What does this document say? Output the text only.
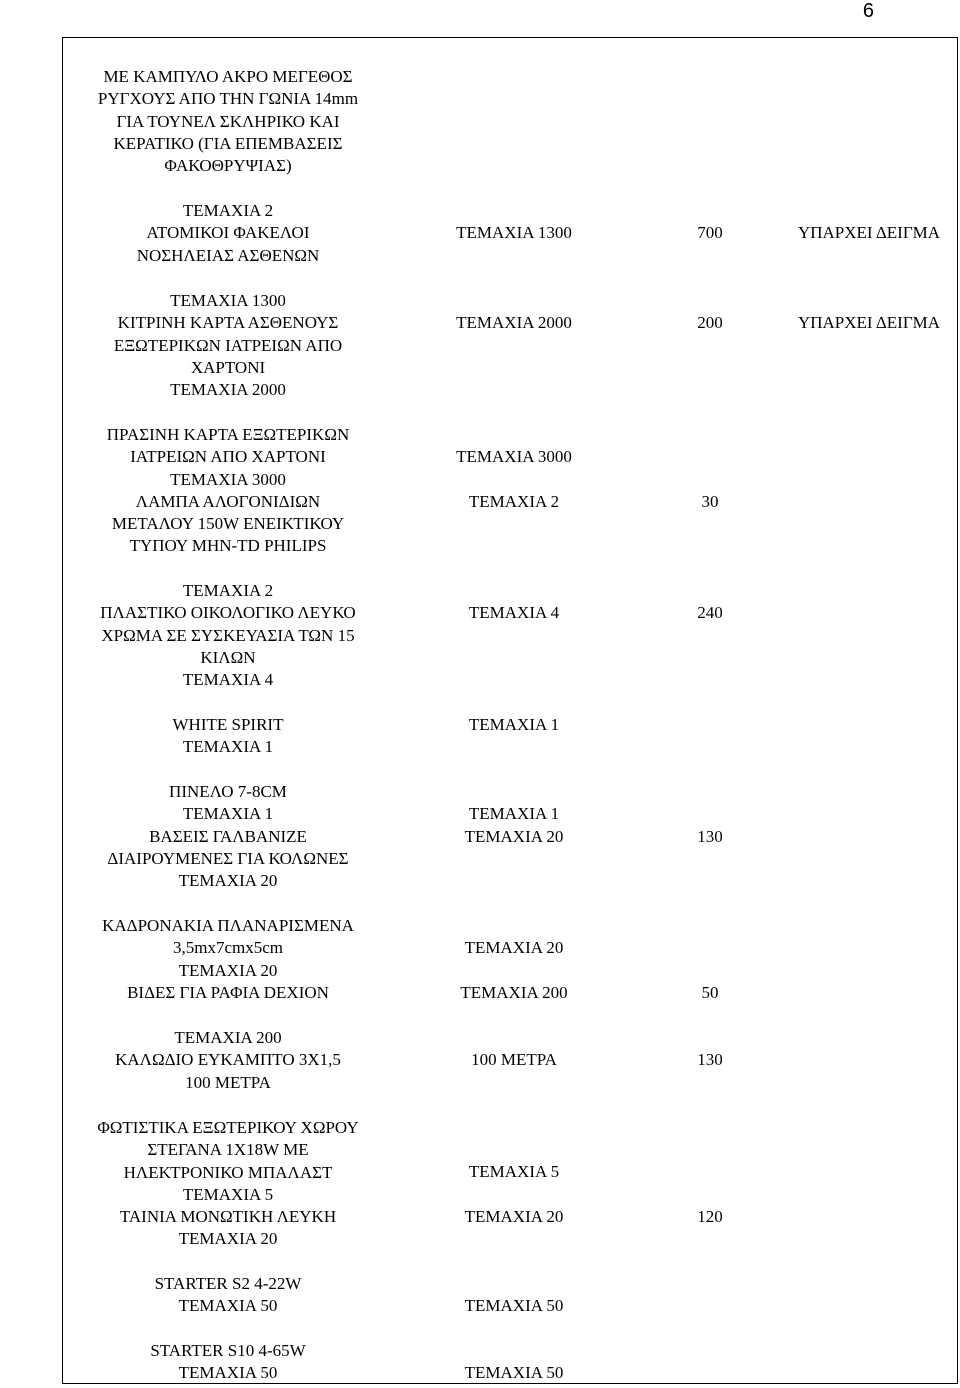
6
ΜΕ ΚΑΜΠΥΛΟ ΑΚΡΟ ΜΕΓΕΘΟΣ
ΡΥΓΧΟΥΣ ΑΠΟ ΤΗΝ ΓΩΝΙΑ 14mm
ΓΙΑ ΤΟΥΝΕΛ ΣΚΛΗΡΙΚΟ ΚΑΙ
ΚΕΡΑΤΙΚΟ (ΓΙΑ ΕΠΕΜΒΑΣΕΙΣ
ΦΑΚΟΘΡΥΨΙΑΣ)
ΤΕΜΑΧΙΑ 2
ΑΤΟΜΙΚΟΙ ΦΑΚΕΛΟΙ
ΝΟΣΗΛΕΙΑΣ ΑΣΘΕΝΩΝ
ΤΕΜΑΧΙΑ 1300
ΚΙΤΡΙΝΗ ΚΑΡΤΑ ΑΣΘΕΝΟΥΣ
ΕΞΩΤΕΡΙΚΩΝ ΙΑΤΡΕΙΩΝ ΑΠΟ
ΧΑΡΤΟΝΙ
ΤΕΜΑΧΙΑ 2000
ΠΡΑΣΙΝΗ ΚΑΡΤΑ ΕΞΩΤΕΡΙΚΩΝ
ΙΑΤΡΕΙΩΝ ΑΠΟ ΧΑΡΤΟΝΙ
ΤΕΜΑΧΙΑ 3000
ΛΑΜΠΑ ΑΛΟΓΟΝΙΔΙΩΝ
ΜΕΤΑΛΟΥ 150W ΕΝΕΙΚΤΙΚΟΥ
ΤΥΠΟΥ MHN-TD PHILIPS
ΤΕΜΑΧΙΑ 2
ΠΛΑΣΤΙΚΟ ΟΙΚΟΛΟΓΙΚΟ ΛΕΥΚΟ
ΧΡΩΜΑ ΣΕ ΣΥΣΚΕΥΑΣΙΑ ΤΩΝ 15
ΚΙΛΩΝ
ΤΕΜΑΧΙΑ 4
WHITE SPIRIT
ΤΕΜΑΧΙΑ 1
ΠΙΝΕΛΟ 7-8CM
ΤΕΜΑΧΙΑ 1
ΒΑΣΕΙΣ ΓΑΛΒΑΝΙΖΕ
ΔΙΑΙΡΟΥΜΕΝΕΣ ΓΙΑ ΚΟΛΩΝΕΣ
ΤΕΜΑΧΙΑ 20
ΚΑΔΡΟΝΑΚΙΑ ΠΛΑΝΑΡΙΣΜΕΝΑ
3,5mx7cmx5cm
ΤΕΜΑΧΙΑ 20
ΒΙΔΕΣ ΓΙΑ ΡΑΦΙΑ DEXION
ΤΕΜΑΧΙΑ 200
ΚΑΛΩΔΙΟ ΕΥΚΑΜΠΤΟ 3Χ1,5
100 ΜΕΤΡΑ
ΦΩΤΙΣΤΙΚΑ ΕΞΩΤΕΡΙΚΟΥ ΧΩΡΟΥ
ΣΤΕΓΑΝΑ 1Χ18W ΜΕ
ΗΛΕΚΤΡΟΝΙΚΟ ΜΠΑΛΑΣΤ
ΤΕΜΑΧΙΑ 5
ΤΑΙΝΙΑ ΜΟΝΩΤΙΚΗ ΛΕΥΚΗ
ΤΕΜΑΧΙΑ 20
STARTER S2 4-22W
ΤΕΜΑΧΙΑ 50
STARTER S10 4-65W
ΤΕΜΑΧΙΑ 50
ΤΕΜΑΧΙΑ 1300
ΤΕΜΑΧΙΑ 2000
ΤΕΜΑΧΙΑ 3000
ΤΕΜΑΧΙΑ 2
ΤΕΜΑΧΙΑ 4
ΤΕΜΑΧΙΑ 1
ΤΕΜΑΧΙΑ 1
ΤΕΜΑΧΙΑ 20
ΤΕΜΑΧΙΑ 20
ΤΕΜΑΧΙΑ 200
100 ΜΕΤΡΑ
ΤΕΜΑΧΙΑ 5
ΤΕΜΑΧΙΑ 20
ΤΕΜΑΧΙΑ 50
ΤΕΜΑΧΙΑ 50
700
200
30
240
130
50
130
120
ΥΠΑΡΧΕΙ ΔΕΙΓΜΑ
ΥΠΑΡΧΕΙ ΔΕΙΓΜΑ
